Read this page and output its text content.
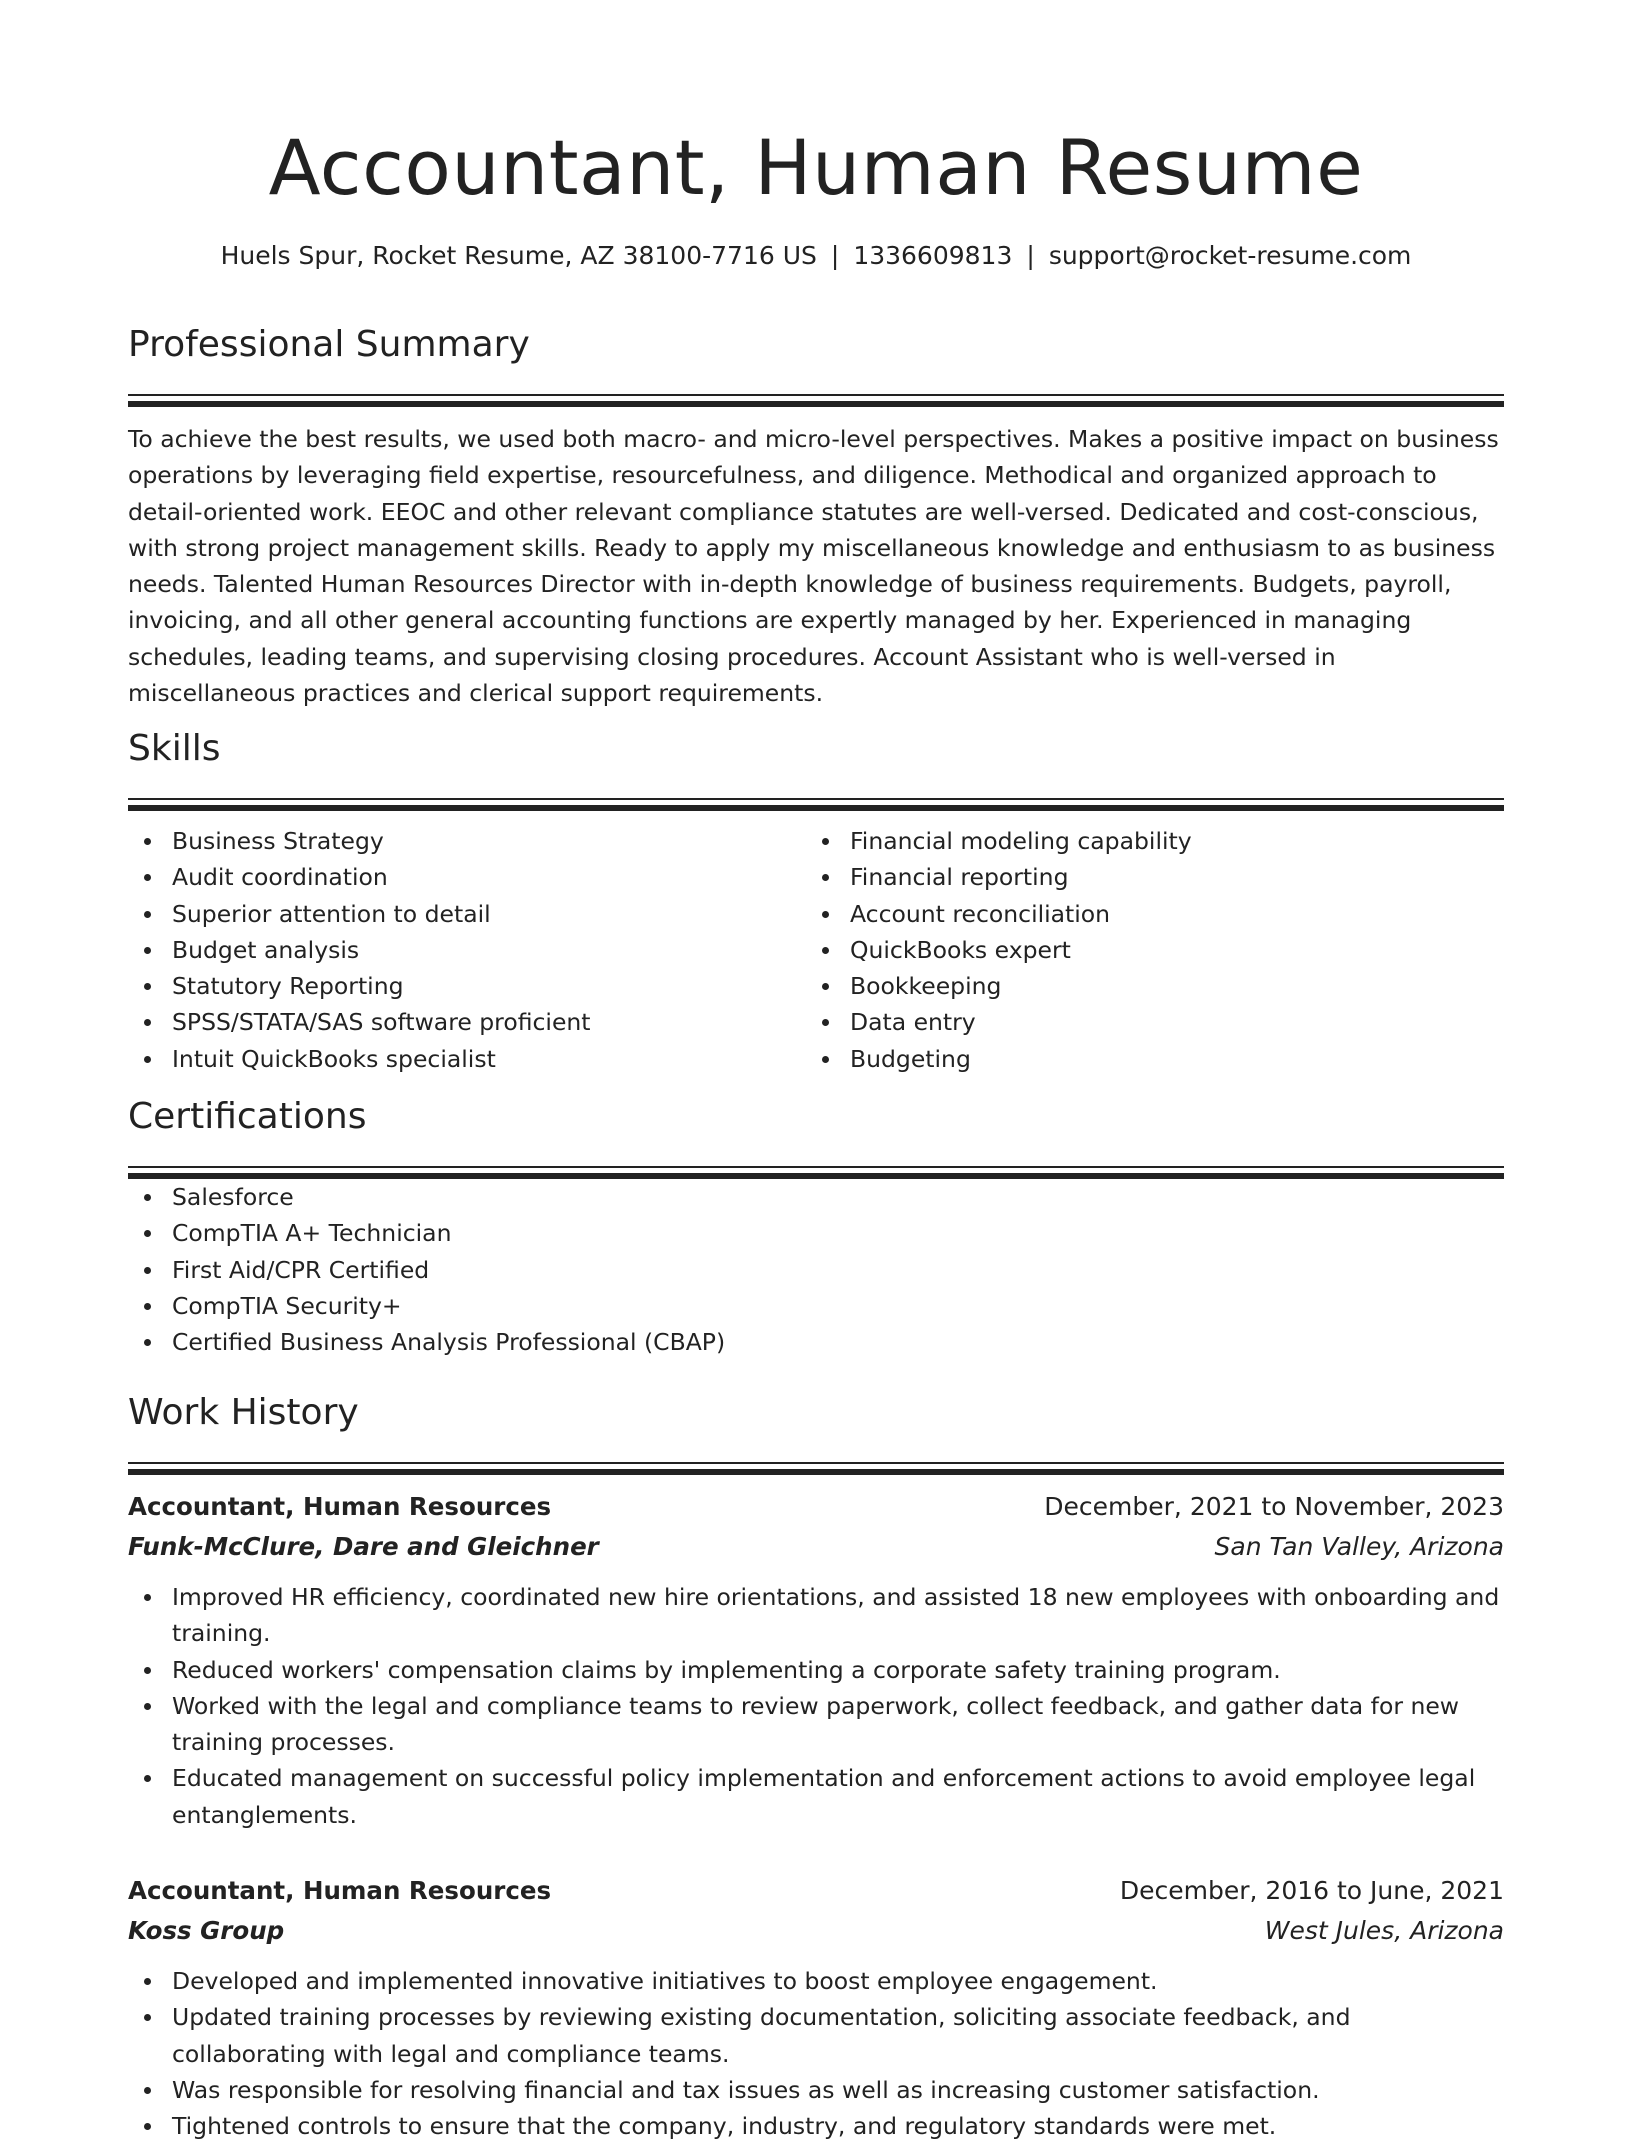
Accountant, Human Resume
Huels Spur, Rocket Resume, AZ 38100-7716 US | 1336609813 | support@rocket-resume.com
Professional Summary
To achieve the best results, we used both macro- and micro-level perspectives. Makes a positive impact on business operations by leveraging field expertise, resourcefulness, and diligence. Methodical and organized approach to detail-oriented work. EEOC and other relevant compliance statutes are well-versed. Dedicated and cost-conscious, with strong project management skills. Ready to apply my miscellaneous knowledge and enthusiasm to as business needs. Talented Human Resources Director with in-depth knowledge of business requirements. Budgets, payroll, invoicing, and all other general accounting functions are expertly managed by her. Experienced in managing schedules, leading teams, and supervising closing procedures. Account Assistant who is well-versed in miscellaneous practices and clerical support requirements.
Skills
Business Strategy
Audit coordination
Superior attention to detail
Budget analysis
Statutory Reporting
SPSS/STATA/SAS software proficient
Intuit QuickBooks specialist
Financial modeling capability
Financial reporting
Account reconciliation
QuickBooks expert
Bookkeeping
Data entry
Budgeting
Certifications
Salesforce
CompTIA A+ Technician
First Aid/CPR Certified
CompTIA Security+
Certified Business Analysis Professional (CBAP)
Work History
Accountant, Human Resources	December, 2021 to November, 2023
Funk-McClure, Dare and Gleichner	San Tan Valley, Arizona
Improved HR efficiency, coordinated new hire orientations, and assisted 18 new employees with onboarding and training.
Reduced workers' compensation claims by implementing a corporate safety training program.
Worked with the legal and compliance teams to review paperwork, collect feedback, and gather data for new training processes.
Educated management on successful policy implementation and enforcement actions to avoid employee legal entanglements.
Accountant, Human Resources	December, 2016 to June, 2021
Koss Group	West Jules, Arizona
Developed and implemented innovative initiatives to boost employee engagement.
Updated training processes by reviewing existing documentation, soliciting associate feedback, and collaborating with legal and compliance teams.
Was responsible for resolving financial and tax issues as well as increasing customer satisfaction.
Tightened controls to ensure that the company, industry, and regulatory standards were met.
